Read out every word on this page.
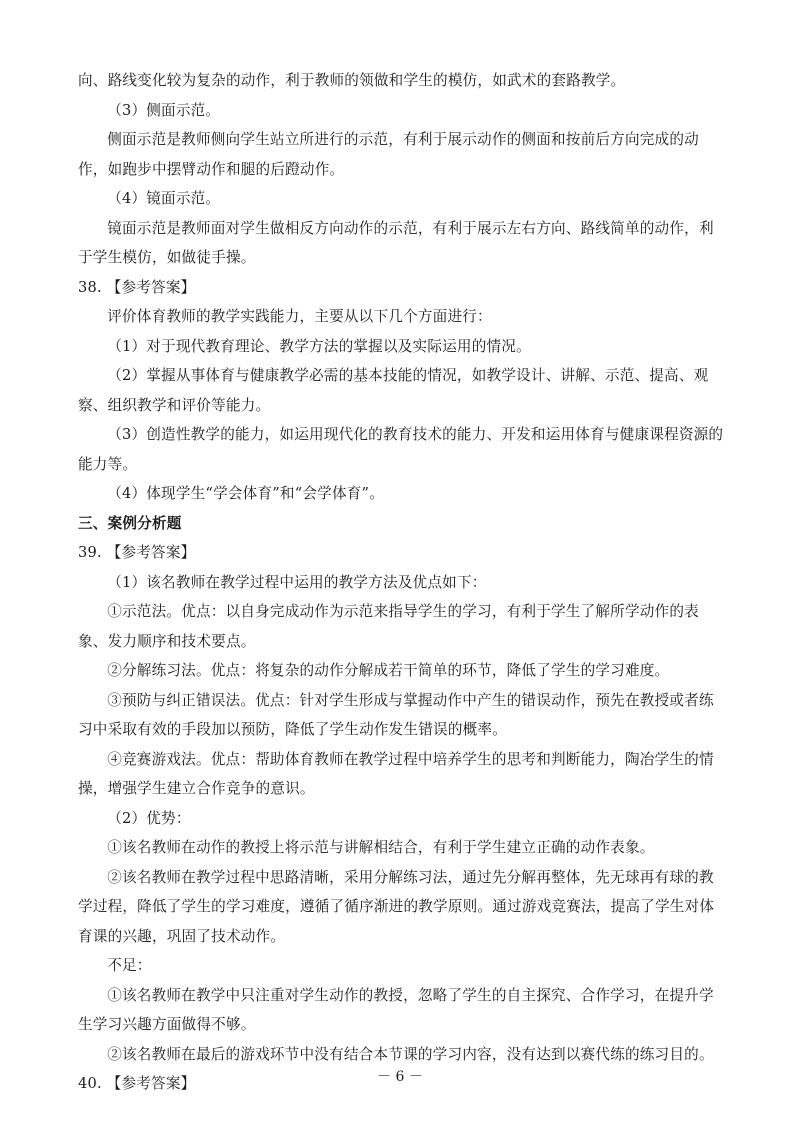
向、路线变化较为复杂的动作，利于教师的领做和学生的模仿，如武术的套路教学。

（3）侧面示范。

侧面示范是教师侧向学生站立所进行的示范，有利于展示动作的侧面和按前后方向完成的动作，如跑步中摆臂动作和腿的后蹬动作。

（4）镜面示范。

镜面示范是教师面对学生做相反方向动作的示范，有利于展示左右方向、路线简单的动作，利于学生模仿，如做徒手操。

38. 【参考答案】

评价体育教师的教学实践能力，主要从以下几个方面进行：

（1）对于现代教育理论、教学方法的掌握以及实际运用的情况。

（2）掌握从事体育与健康教学必需的基本技能的情况，如教学设计、讲解、示范、提高、观察、组织教学和评价等能力。

（3）创造性教学的能力，如运用现代化的教育技术的能力、开发和运用体育与健康课程资源的能力等。

（4）体现学生“学会体育”和“会学体育”。

三、案例分析题

39. 【参考答案】

（1）该名教师在教学过程中运用的教学方法及优点如下：

①示范法。优点：以自身完成动作为示范来指导学生的学习，有利于学生了解所学动作的表象、发力顺序和技术要点。

②分解练习法。优点：将复杂的动作分解成若干简单的环节，降低了学生的学习难度。

③预防与纠正错误法。优点：针对学生形成与掌握动作中产生的错误动作，预先在教授或者练习中采取有效的手段加以预防，降低了学生动作发生错误的概率。

④竞赛游戏法。优点：帮助体育教师在教学过程中培养学生的思考和判断能力，陶冶学生的情操，增强学生建立合作竞争的意识。

（2）优势：

①该名教师在动作的教授上将示范与讲解相结合，有利于学生建立正确的动作表象。

②该名教师在教学过程中思路清晰，采用分解练习法，通过先分解再整体，先无球再有球的教学过程，降低了学生的学习难度，遵循了循序渐进的教学原则。通过游戏竞赛法，提高了学生对体育课的兴趣，巩固了技术动作。

不足：

①该名教师在教学中只注重对学生动作的教授，忽略了学生的自主探究、合作学习，在提升学生学习兴趣方面做得不够。

②该名教师在最后的游戏环节中没有结合本节课的学习内容，没有达到以赛代练的练习目的。

40. 【参考答案】	－ 6 －
